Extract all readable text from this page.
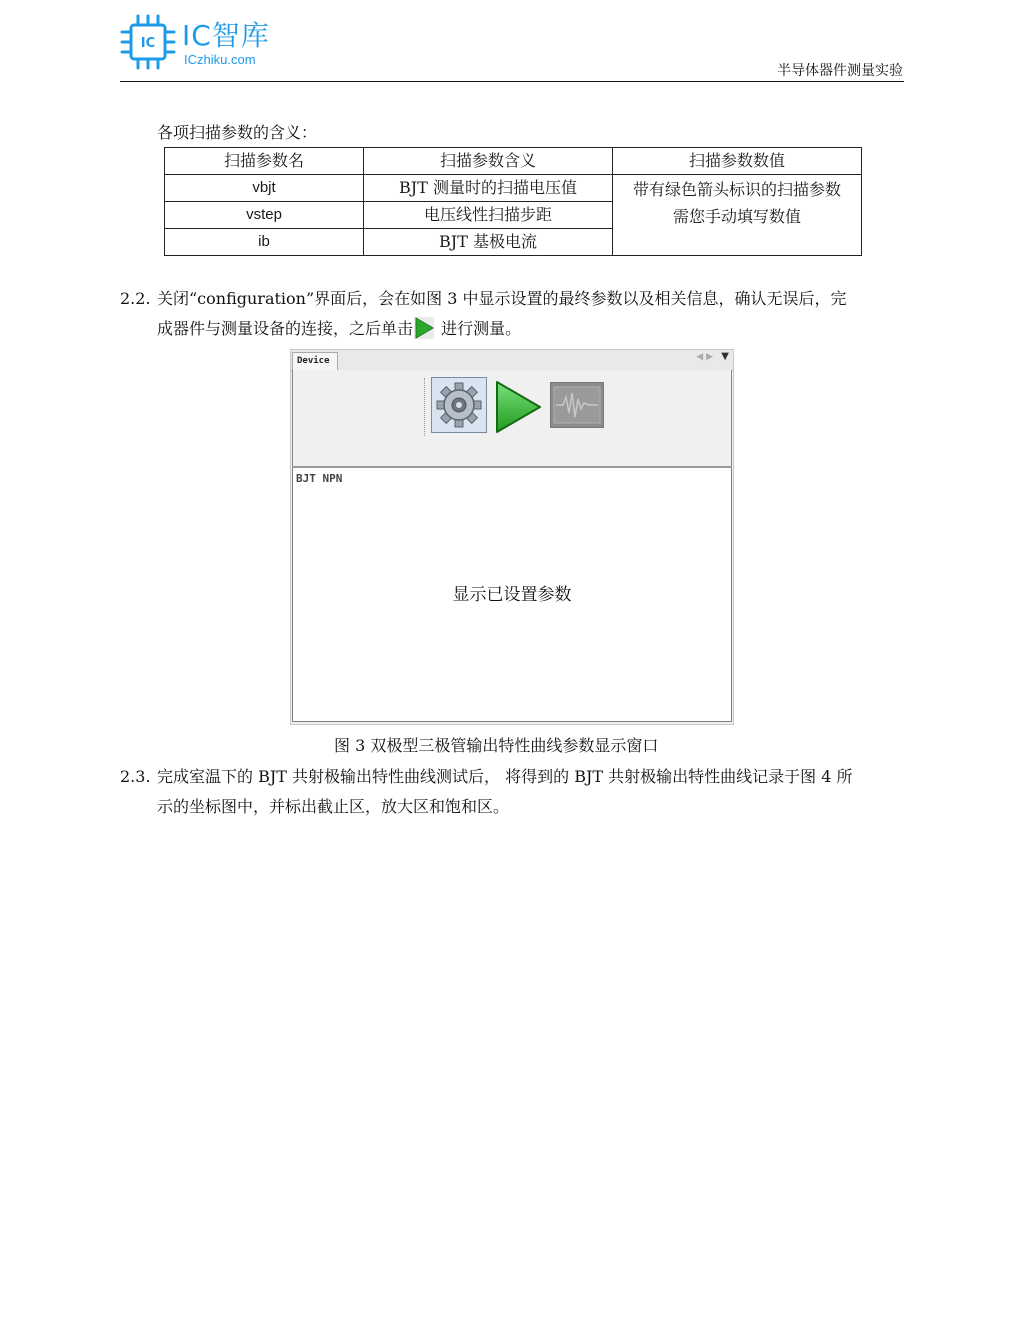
IC IC智库
ICzhiku.com
半导体器件测量实验
各项扫描参数的含义：
扫描参数名	扫描参数含义	扫描参数数值
vbjt	BJT 测量时的扫描电压值	带有绿色箭头标识的扫描参数
需您手动填写数值

vstep	电压线性扫描步距	
ib	BJT 基极电流	
2.2. 关闭“configuration”界面后，会在如图 3 中显示设置的最终参数以及相关信息，确认无误后，完
成器件与测量设备的连接，之后单击 进行测量。
Device	◀ ▶ ▼
BJT NPN
显示已设置参数
图 3 双极型三极管输出特性曲线参数显示窗口
2.3. 完成室温下的 BJT 共射极输出特性曲线测试后， 将得到的 BJT 共射极输出特性曲线记录于图 4 所
示的坐标图中，并标出截止区，放大区和饱和区。
